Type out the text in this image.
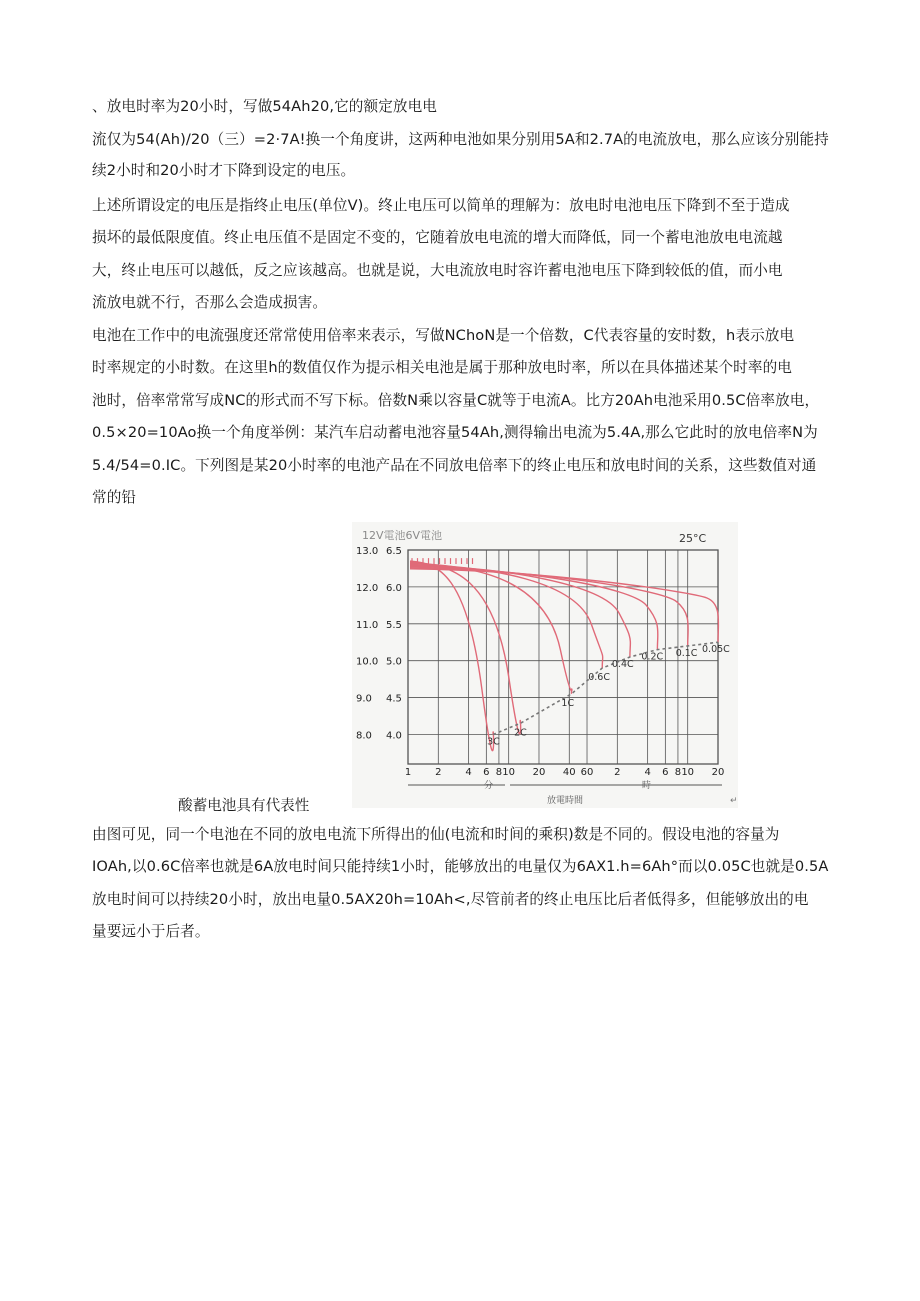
、放电时率为20小时，写做54Ah20,它的额定放电电
流仅为54(Ah)/20（三）=2·7A!换一个角度讲，这两种电池如果分别用5A和2.7A的电流放电，那么应该分别能持
续2小时和20小时才下降到设定的电压。
上述所谓设定的电压是指终止电压(单位V)。终止电压可以简单的理解为：放电时电池电压下降到不至于造成
损坏的最低限度值。终止电压值不是固定不变的，它随着放电电流的增大而降低，同一个蓄电池放电电流越
大，终止电压可以越低，反之应该越高。也就是说，大电流放电时容许蓄电池电压下降到较低的值，而小电
流放电就不行，否那么会造成损害。
电池在工作中的电流强度还常常使用倍率来表示，写做NChoN是一个倍数，C代表容量的安时数，h表示放电
时率规定的小时数。在这里h的数值仅作为提示相关电池是属于那种放电时率，所以在具体描述某个时率的电
池时，倍率常常写成NC的形式而不写下标。倍数N乘以容量C就等于电流A。比方20Ah电池采用0.5C倍率放电，
0.5×20=10Ao换一个角度举例：某汽车启动蓄电池容量54Ah,测得输出电流为5.4A,那么它此时的放电倍率N为
5.4/54=0.IC。下列图是某20小时率的电池产品在不同放电倍率下的终止电压和放电时间的关系，这些数值对通
常的铅
12V電池6V電池	25°C
1 2 4 6 8 10 20 40 60 2 4 6 8 10 20
13.0 6.5
12.0 6.0
11.0 5.5
10.0 5.0
9.0 4.5
8.0 4.0
3C
2C
1C
0.6C
0.4C
0.2C 0.1C 0.05C
分	時
放電時間	↵
酸蓄电池具有代表性
由图可见，同一个电池在不同的放电电流下所得出的仙(电流和时间的乘积)数是不同的。假设电池的容量为
IOAh,以0.6C倍率也就是6A放电时间只能持续1小时，能够放出的电量仅为6AX1.h=6Ah°而以0.05C也就是0.5A
放电时间可以持续20小时，放出电量0.5AX20h=10Ah<,尽管前者的终止电压比后者低得多，但能够放出的电
量要远小于后者。
